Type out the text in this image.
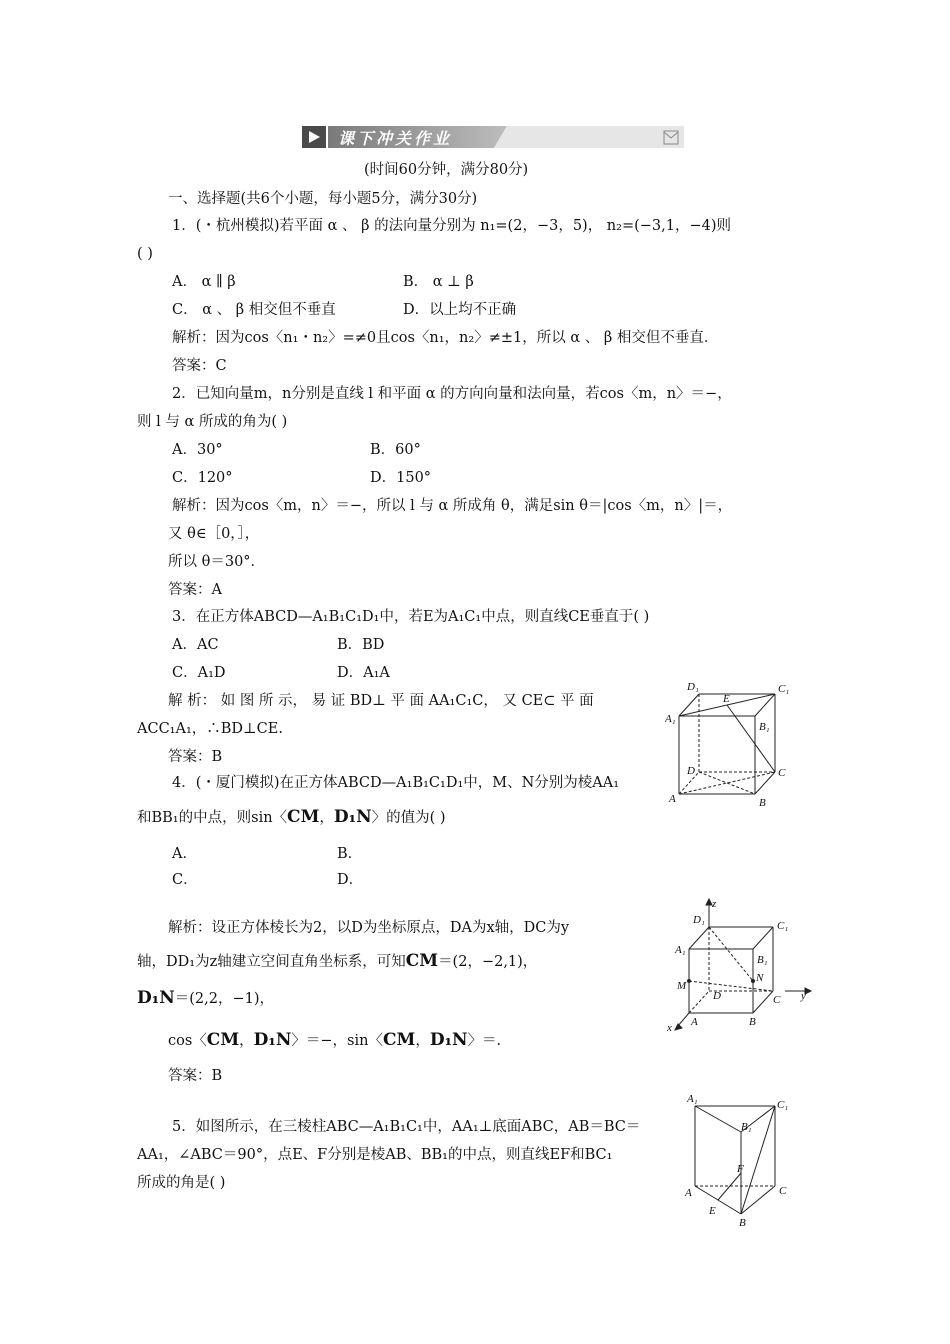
课下冲关作业
(时间60分钟，满分80分)
一、选择题(共6个小题，每小题5分，满分30分)
1．(・杭州模拟)若平面 α 、 β 的法向量分别为 n₁=(2，−3，5)， n₂=(−3,1，−4)则
( )
A． α ∥ β	B． α ⊥ β
C． α 、 β 相交但不垂直	D．以上均不正确
解析：因为cos〈n₁・n₂〉=≠0且cos〈n₁，n₂〉≠±1，所以 α 、 β 相交但不垂直．
答案：C
2．已知向量m，n分别是直线 l 和平面 α 的方向向量和法向量，若cos〈m，n〉＝−，
则 l 与 α 所成的角为( )
A．30°	B．60°
C．120°	D．150°
解析：因为cos〈m，n〉＝−，所以 l 与 α 所成角 θ，满足sin θ＝|cos〈m，n〉|＝，
又 θ∈［0，］，
所以 θ＝30°．
答案：A
3．在正方体ABCD—A₁B₁C₁D₁中，若E为A₁C₁中点，则直线CE垂直于( )
A．AC	B．BD
C．A₁D	D．A₁A
解 析： 如 图 所 示， 易 证 BD⊥ 平 面 AA₁C₁C， 又 CE⊂ 平 面
ACC₁A₁，∴BD⊥CE.
答案：B
D₁
E
C₁
A₁
B₁
D	C
A	B
4．(・厦门模拟)在正方体ABCD—A₁B₁C₁D₁中，M、N分别为棱AA₁
和BB₁的中点，则sin〈CM，D₁N〉的值为( )
A．	B．
C．	D．
解析：设正方体棱长为2，以D为坐标原点，DA为x轴，DC为y
轴，DD₁为z轴建立空间直角坐标系，可知CM＝(2，−2,1)，
D₁N＝(2,2，−1)，
cos〈CM，D₁N〉＝−，sin〈CM，D₁N〉＝.
答案：B
z
D₁	C₁
A₁
B₁
N
M
D	C y
x A	B
5．如图所示，在三棱柱ABC—A₁B₁C₁中，AA₁⊥底面ABC，AB＝BC＝
AA₁，∠ABC＝90°，点E、F分别是棱AB、BB₁的中点，则直线EF和BC₁
所成的角是( )
A₁	C₁
B₁
F
A	C
E
B
